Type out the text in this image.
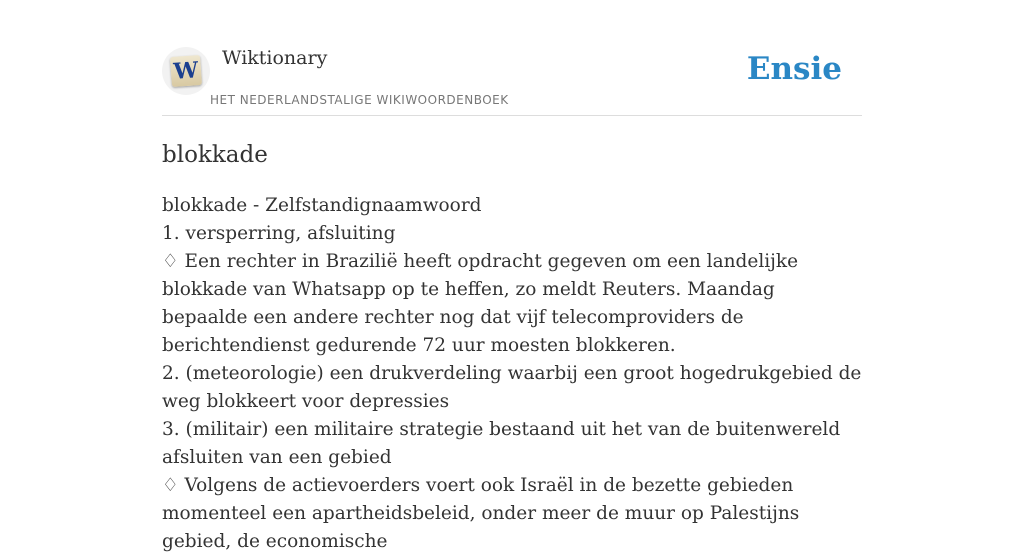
W Wiktionary
HET NEDERLANDSTALIGE WIKIWOORDENBOEK
Ensie
blokkade
blokkade - Zelfstandignaamwoord
1. versperring, afsluiting
♢ Een rechter in Brazilië heeft opdracht gegeven om een landelijke blokkade van Whatsapp op te heffen, zo meldt Reuters. Maandag bepaalde een andere rechter nog dat vijf telecomproviders de berichtendienst gedurende 72 uur moesten blokkeren.
2. (meteorologie) een drukverdeling waarbij een groot hogedrukgebied de weg blokkeert voor depressies
3. (militair) een militaire strategie bestaand uit het van de buitenwereld afsluiten van een gebied
♢ Volgens de actievoerders voert ook Israël in de bezette gebieden momenteel een apartheidsbeleid, onder meer de muur op Palestijns gebied, de economische
